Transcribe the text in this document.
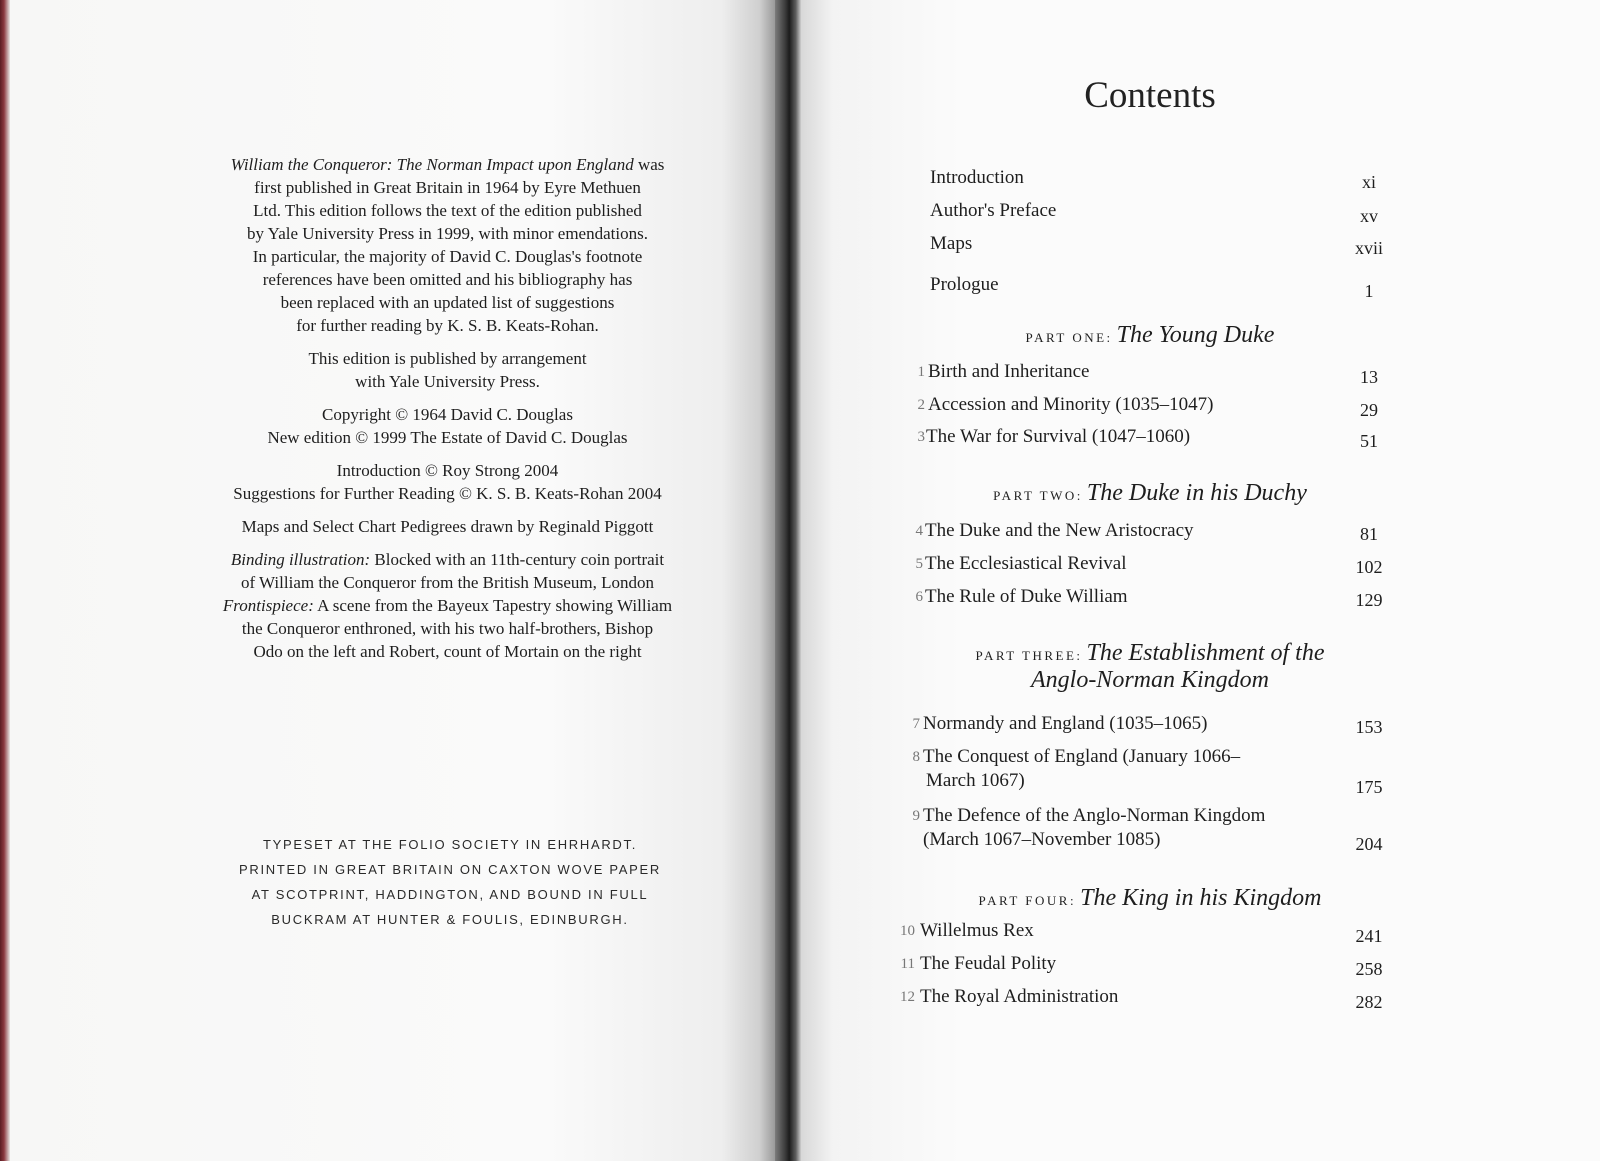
William the Conqueror: The Norman Impact upon England was
first published in Great Britain in 1964 by Eyre Methuen
Ltd. This edition follows the text of the edition published
by Yale University Press in 1999, with minor emendations.
In particular, the majority of David C. Douglas's footnote
references have been omitted and his bibliography has
been replaced with an updated list of suggestions
for further reading by K. S. B. Keats-Rohan.
This edition is published by arrangement
with Yale University Press.
Copyright © 1964 David C. Douglas
New edition © 1999 The Estate of David C. Douglas
Introduction © Roy Strong 2004
Suggestions for Further Reading © K. S. B. Keats-Rohan 2004
Maps and Select Chart Pedigrees drawn by Reginald Piggott
Binding illustration: Blocked with an 11th-century coin portrait
of William the Conqueror from the British Museum, London
Frontispiece: A scene from the Bayeux Tapestry showing William
the Conqueror enthroned, with his two half-brothers, Bishop
Odo on the left and Robert, count of Mortain on the right
TYPESET AT THE FOLIO SOCIETY IN EHRHARDT.
PRINTED IN GREAT BRITAIN ON CAXTON WOVE PAPER
AT SCOTPRINT, HADDINGTON, AND BOUND IN FULL
BUCKRAM AT HUNTER & FOULIS, EDINBURGH.
Contents
Introduction	xi
Author's Preface	xv
Maps	xvii
Prologue	1
PART ONE: The Young Duke
1 Birth and Inheritance	13
2 Accession and Minority (1035–1047)	29
3 The War for Survival (1047–1060)	51
PART TWO: The Duke in his Duchy
4 The Duke and the New Aristocracy	81
5 The Ecclesiastical Revival	102
6 The Rule of Duke William	129
PART THREE: The Establishment of the
Anglo-Norman Kingdom
7 Normandy and England (1035–1065)	153
8 The Conquest of England (January 1066–
March 1067)	175
9 The Defence of the Anglo-Norman Kingdom
(March 1067–November 1085)	204
PART FOUR: The King in his Kingdom
10 Willelmus Rex	241
11 The Feudal Polity	258
12 The Royal Administration	282
